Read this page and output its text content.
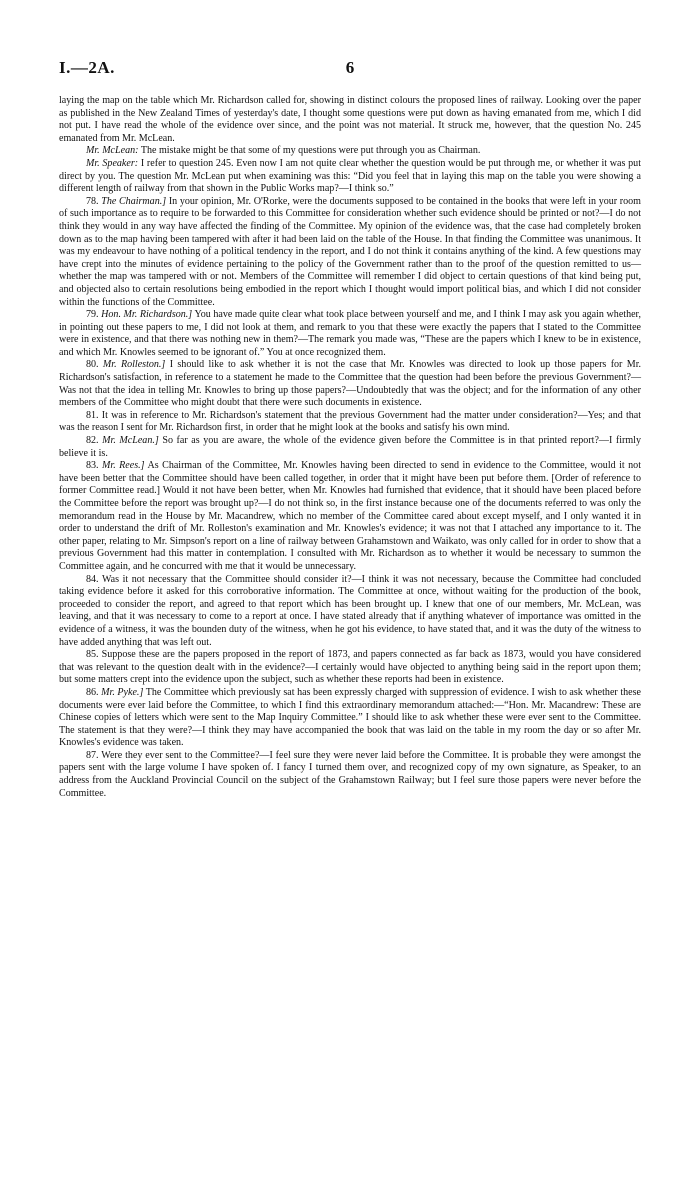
I.—2A.	6

laying the map on the table which Mr. Richardson called for, showing in distinct colours the proposed lines of railway. Looking over the paper as published in the New Zealand Times of yesterday's date, I thought some questions were put down as having emanated from me, which I did not put. I have read the whole of the evidence over since, and the point was not material. It struck me, however, that the question No. 245 emanated from Mr. McLean.

Mr. McLean: The mistake might be that some of my questions were put through you as Chairman.

Mr. Speaker: I refer to question 245. Even now I am not quite clear whether the question would be put through me, or whether it was put direct by you. The question Mr. McLean put when examining was this: “Did you feel that in laying this map on the table you were showing a different length of railway from that shown in the Public Works map?—I think so.”

78. The Chairman.] In your opinion, Mr. O'Rorke, were the documents supposed to be contained in the books that were left in your room of such importance as to require to be forwarded to this Committee for consideration whether such evidence should be printed or not?—I do not think they would in any way have affected the finding of the Committee. My opinion of the evidence was, that the case had completely broken down as to the map having been tampered with after it had been laid on the table of the House. In that finding the Committee was unanimous. It was my endeavour to have nothing of a political tendency in the report, and I do not think it contains anything of the kind. A few questions may have crept into the minutes of evidence pertaining to the policy of the Government rather than to the proof of the question remitted to us—whether the map was tampered with or not. Members of the Committee will remember I did object to certain questions of that kind being put, and objected also to certain resolutions being embodied in the report which I thought would import political bias, and which I did not consider within the functions of the Committee.

79. Hon. Mr. Richardson.] You have made quite clear what took place between yourself and me, and I think I may ask you again whether, in pointing out these papers to me, I did not look at them, and remark to you that these were exactly the papers that I stated to the Committee were in existence, and that there was nothing new in them?—The remark you made was, “These are the papers which I knew to be in existence, and which Mr. Knowles seemed to be ignorant of.” You at once recognized them.

80. Mr. Rolleston.] I should like to ask whether it is not the case that Mr. Knowles was directed to look up those papers for Mr. Richardson's satisfaction, in reference to a statement he made to the Committee that the question had been before the previous Government?—Was not that the idea in telling Mr. Knowles to bring up those papers?—Undoubtedly that was the object; and for the information of any other members of the Committee who might doubt that there were such documents in existence.

81. It was in reference to Mr. Richardson's statement that the previous Government had the matter under consideration?—Yes; and that was the reason I sent for Mr. Richardson first, in order that he might look at the books and satisfy his own mind.

82. Mr. McLean.] So far as you are aware, the whole of the evidence given before the Committee is in that printed report?—I firmly believe it is.

83. Mr. Rees.] As Chairman of the Committee, Mr. Knowles having been directed to send in evidence to the Committee, would it not have been better that the Committee should have been called together, in order that it might have been put before them. [Order of reference to former Committee read.] Would it not have been better, when Mr. Knowles had furnished that evidence, that it should have been placed before the Committee before the report was brought up?—I do not think so, in the first instance because one of the documents referred to was only the memorandum read in the House by Mr. Macandrew, which no member of the Committee cared about except myself, and I only wanted it in order to understand the drift of Mr. Rolleston's examination and Mr. Knowles's evidence; it was not that I attached any importance to it. The other paper, relating to Mr. Simpson's report on a line of railway between Grahamstown and Waikato, was only called for in order to show that a previous Government had this matter in contemplation. I consulted with Mr. Richardson as to whether it would be necessary to summon the Committee again, and he concurred with me that it would be unnecessary.

84. Was it not necessary that the Committee should consider it?—I think it was not necessary, because the Committee had concluded taking evidence before it asked for this corroborative information. The Committee at once, without waiting for the production of the book, proceeded to consider the report, and agreed to that report which has been brought up. I knew that one of our members, Mr. McLean, was leaving, and that it was necessary to come to a report at once. I have stated already that if anything whatever of importance was omitted in the evidence of a witness, it was the bounden duty of the witness, when he got his evidence, to have stated that, and it was the duty of the witness to have added anything that was left out.

85. Suppose these are the papers proposed in the report of 1873, and papers connected as far back as 1873, would you have considered that was relevant to the question dealt with in the evidence?—I certainly would have objected to anything being said in the report upon them; but some matters crept into the evidence upon the subject, such as whether these reports had been in existence.

86. Mr. Pyke.] The Committee which previously sat has been expressly charged with suppression of evidence. I wish to ask whether these documents were ever laid before the Committee, to which I find this extraordinary memorandum attached:—“Hon. Mr. Macandrew: These are Chinese copies of letters which were sent to the Map Inquiry Committee.” I should like to ask whether these were ever sent to the Committee. The statement is that they were?—I think they may have accompanied the book that was laid on the table in my room the day or so after Mr. Knowles's evidence was taken.

87. Were they ever sent to the Committee?—I feel sure they were never laid before the Committee. It is probable they were amongst the papers sent with the large volume I have spoken of. I fancy I turned them over, and recognized copy of my own signature, as Speaker, to an address from the Auckland Provincial Council on the subject of the Grahamstown Railway; but I feel sure those papers were never before the Committee.
